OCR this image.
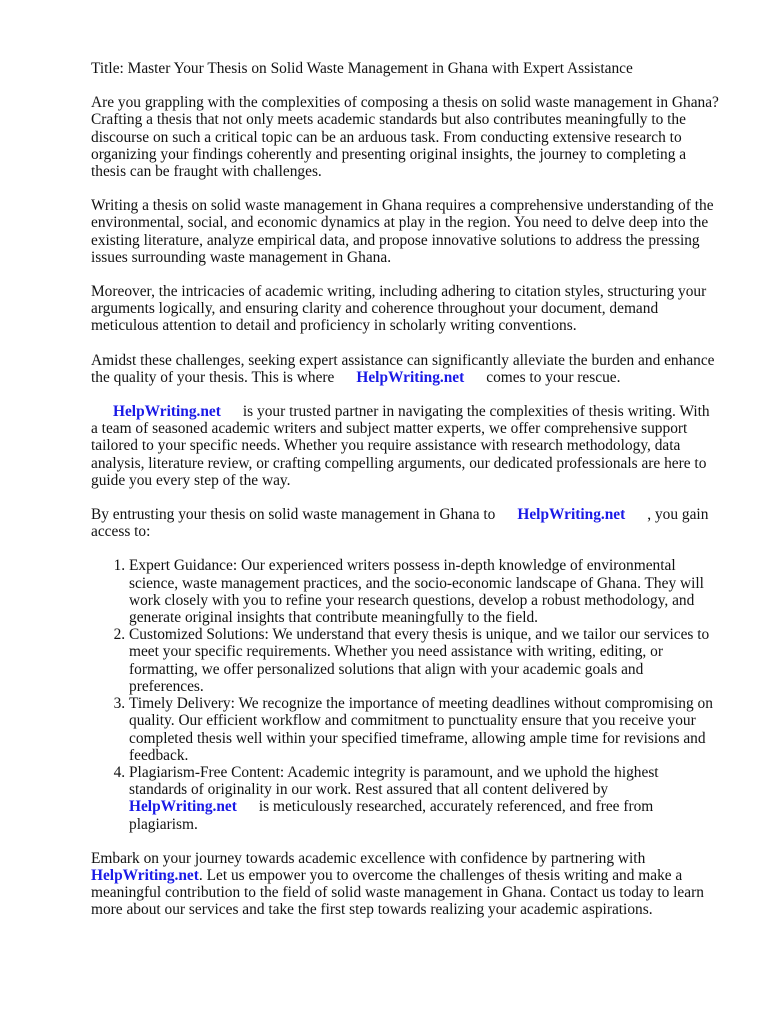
Title: Master Your Thesis on Solid Waste Management in Ghana with Expert Assistance

Are you grappling with the complexities of composing a thesis on solid waste management in Ghana? Crafting a thesis that not only meets academic standards but also contributes meaningfully to the discourse on such a critical topic can be an arduous task. From conducting extensive research to organizing your findings coherently and presenting original insights, the journey to completing a thesis can be fraught with challenges.

Writing a thesis on solid waste management in Ghana requires a comprehensive understanding of the environmental, social, and economic dynamics at play in the region. You need to delve deep into the existing literature, analyze empirical data, and propose innovative solutions to address the pressing issues surrounding waste management in Ghana.

Moreover, the intricacies of academic writing, including adhering to citation styles, structuring your arguments logically, and ensuring clarity and coherence throughout your document, demand meticulous attention to detail and proficiency in scholarly writing conventions.

Amidst these challenges, seeking expert assistance can significantly alleviate the burden and enhance the quality of your thesis. This is where HelpWriting.net comes to your rescue.

HelpWriting.net is your trusted partner in navigating the complexities of thesis writing. With a team of seasoned academic writers and subject matter experts, we offer comprehensive support tailored to your specific needs. Whether you require assistance with research methodology, data analysis, literature review, or crafting compelling arguments, our dedicated professionals are here to guide you every step of the way.

By entrusting your thesis on solid waste management in Ghana to HelpWriting.net , you gain access to:

1. Expert Guidance: Our experienced writers possess in-depth knowledge of environmental science, waste management practices, and the socio-economic landscape of Ghana. They will work closely with you to refine your research questions, develop a robust methodology, and generate original insights that contribute meaningfully to the field.
2. Customized Solutions: We understand that every thesis is unique, and we tailor our services to meet your specific requirements. Whether you need assistance with writing, editing, or formatting, we offer personalized solutions that align with your academic goals and preferences.
3. Timely Delivery: We recognize the importance of meeting deadlines without compromising on quality. Our efficient workflow and commitment to punctuality ensure that you receive your completed thesis well within your specified timeframe, allowing ample time for revisions and feedback.
4. Plagiarism-Free Content: Academic integrity is paramount, and we uphold the highest standards of originality in our work. Rest assured that all content delivered by
HelpWriting.net is meticulously researched, accurately referenced, and free from plagiarism.

Embark on your journey towards academic excellence with confidence by partnering with
HelpWriting.net. Let us empower you to overcome the challenges of thesis writing and make a meaningful contribution to the field of solid waste management in Ghana. Contact us today to learn more about our services and take the first step towards realizing your academic aspirations.
